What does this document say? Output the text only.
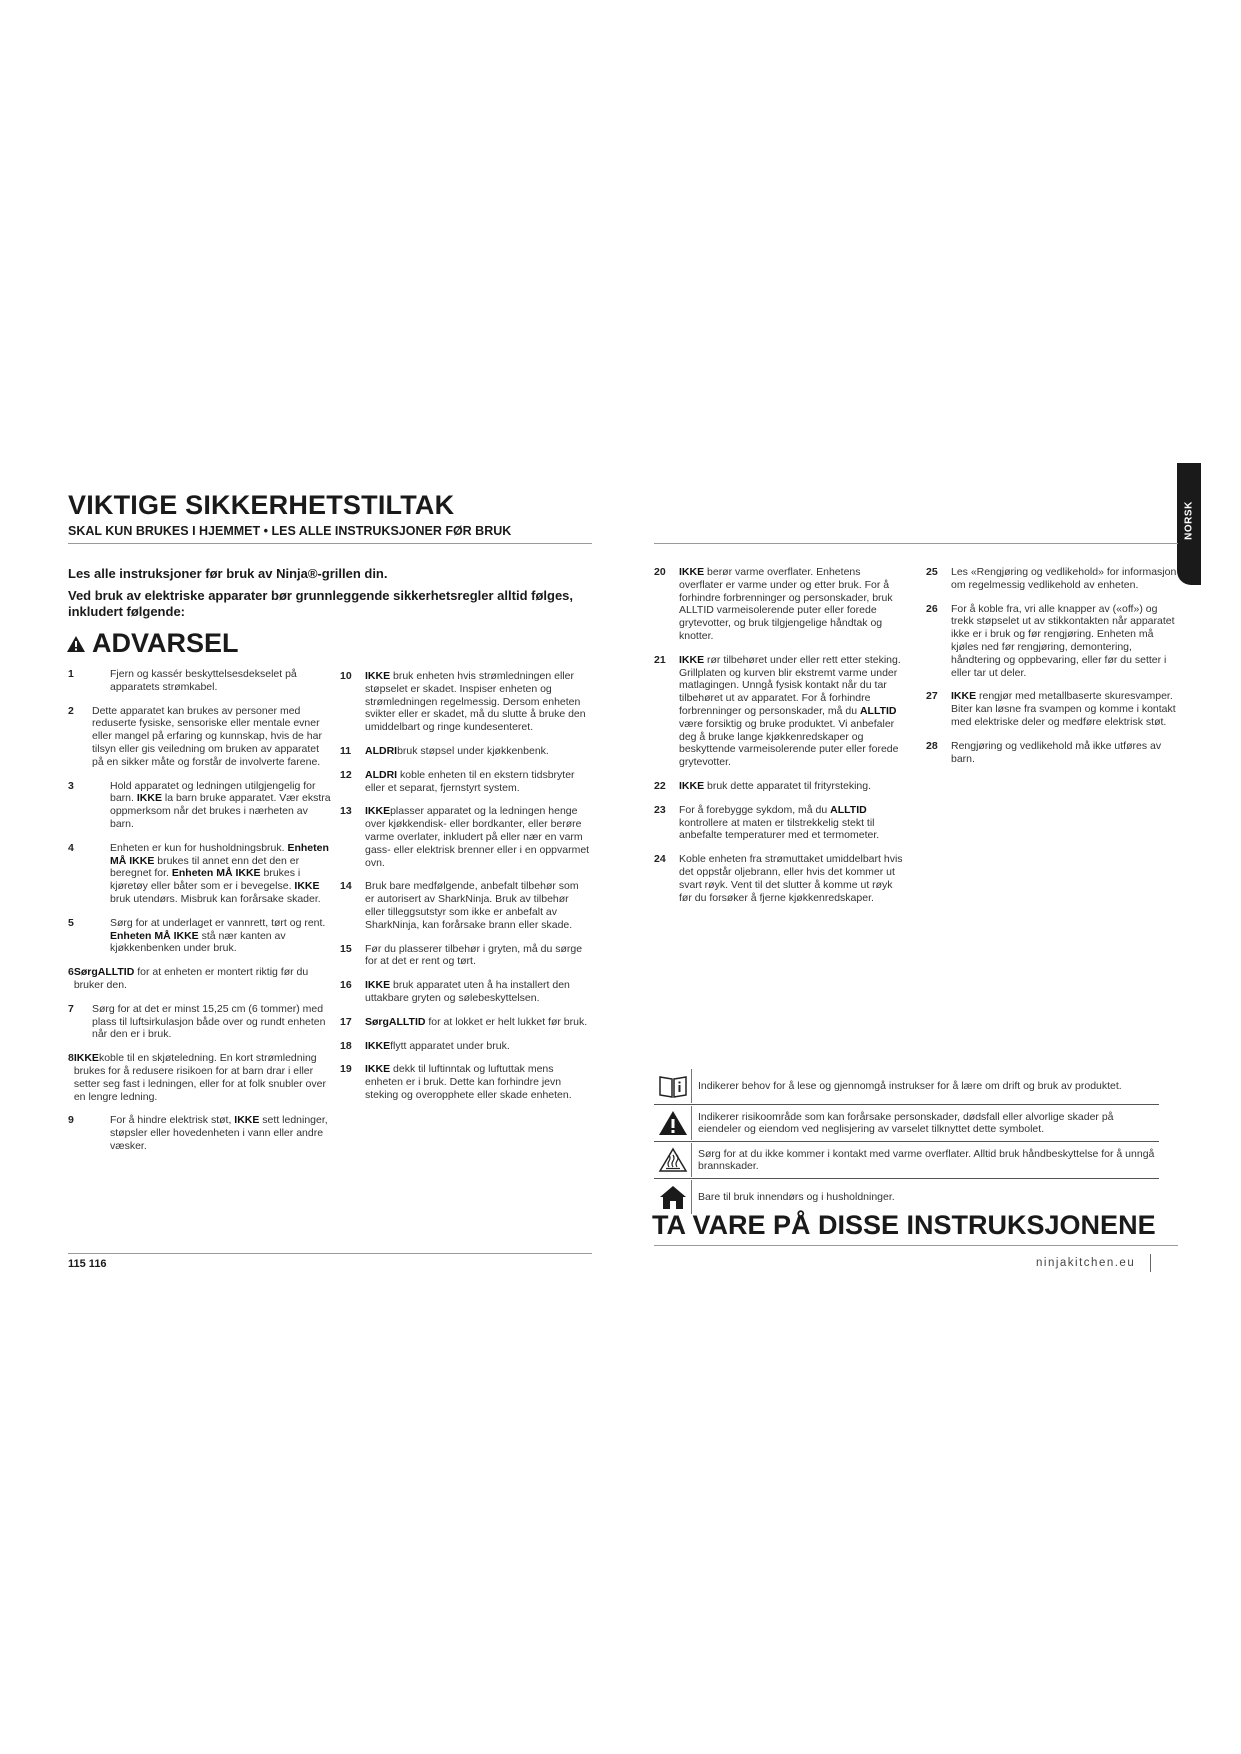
NORSK
VIKTIGE SIKKERHETSTILTAK
SKAL KUN BRUKES I HJEMMET • LES ALLE INSTRUKSJONER FØR BRUK
Les alle instruksjoner før bruk av Ninja®-grillen din.
Ved bruk av elektriske apparater bør grunnleggende sikkerhetsregler alltid følges, inkludert følgende:
ADVARSEL
1	Fjern og kassér beskyttelsesdekselet på apparatets strømkabel.
2	Dette apparatet kan brukes av personer med reduserte fysiske, sensoriske eller mentale evner eller mangel på erfaring og kunnskap, hvis de har tilsyn eller gis veiledning om bruken av apparatet på en sikker måte og forstår de involverte farene.
3	Hold apparatet og ledningen utilgjengelig for barn. IKKE la barn bruke apparatet. Vær ekstra oppmerksom når det brukes i nærheten av barn.
4	Enheten er kun for husholdningsbruk. Enheten MÅ IKKE brukes til annet enn det den er beregnet for. Enheten MÅ IKKE brukes i kjøretøy eller båter som er i bevegelse. IKKE bruk utendørs. Misbruk kan forårsake skader.
5	Sørg for at underlaget er vannrett, tørt og rent. Enheten MÅ IKKE stå nær kanten av kjøkkenbenken under bruk.
6 SørgALLTID for at enheten er montert riktig før du bruker den.
7	Sørg for at det er minst 15,25 cm (6 tommer) med plass til luftsirkulasjon både over og rundt enheten når den er i bruk.
8 IKKEkoble til en skjøteledning. En kort strømledning brukes for å redusere risikoen for at barn drar i eller setter seg fast i ledningen, eller for at folk snubler over en lengre ledning.
9	For å hindre elektrisk støt, IKKE sett ledninger, støpsler eller hovedenheten i vann eller andre væsker.
10	IKKE bruk enheten hvis strømledningen eller støpselet er skadet. Inspiser enheten og strømledningen regelmessig. Dersom enheten svikter eller er skadet, må du slutte å bruke den umiddelbart og ringe kundesenteret.
11	ALDRIbruk støpsel under kjøkkenbenk.
12	ALDRI koble enheten til en ekstern tidsbryter eller et separat, fjernstyrt system.
13	IKKEplasser apparatet og la ledningen henge over kjøkkendisk- eller bordkanter, eller berøre varme overlater, inkludert på eller nær en varm gass- eller elektrisk brenner eller i en oppvarmet ovn.
14	Bruk bare medfølgende, anbefalt tilbehør som er autorisert av SharkNinja. Bruk av tilbehør eller tilleggsutstyr som ikke er anbefalt av SharkNinja, kan forårsake brann eller skade.
15	Før du plasserer tilbehør i gryten, må du sørge for at det er rent og tørt.
16	IKKE bruk apparatet uten å ha installert den uttakbare gryten og sølebeskyttelsen.
17	SørgALLTID for at lokket er helt lukket før bruk.
18	IKKEflytt apparatet under bruk.
19	IKKE dekk til luftinntak og luftuttak mens enheten er i bruk. Dette kan forhindre jevn steking og overopphete eller skade enheten.
20	IKKE berør varme overflater. Enhetens overflater er varme under og etter bruk. For å forhindre forbrenninger og personskader, bruk ALLTID varmeisolerende puter eller forede grytevotter, og bruk tilgjengelige håndtak og knotter.
21	IKKE rør tilbehøret under eller rett etter steking. Grillplaten og kurven blir ekstremt varme under matlagingen. Unngå fysisk kontakt når du tar tilbehøret ut av apparatet. For å forhindre forbrenninger og personskader, må du ALLTID være forsiktig og bruke produktet. Vi anbefaler deg å bruke lange kjøkkenredskaper og beskyttende varmeisolerende puter eller forede grytevotter.
22	IKKE bruk dette apparatet til frityrsteking.
23	For å forebygge sykdom, må du ALLTID kontrollere at maten er tilstrekkelig stekt til anbefalte temperaturer med et termometer.
24	Koble enheten fra strømuttaket umiddelbart hvis det oppstår oljebrann, eller hvis det kommer ut svart røyk. Vent til det slutter å komme ut røyk før du forsøker å fjerne kjøkkenredskaper.
25	Les «Rengjøring og vedlikehold» for informasjon om regelmessig vedlikehold av enheten.
26	For å koble fra, vri alle knapper av («off») og trekk støpselet ut av stikkontakten når apparatet ikke er i bruk og før rengjøring. Enheten må kjøles ned før rengjøring, demontering, håndtering og oppbevaring, eller før du setter i eller tar ut deler.
27	IKKE rengjør med metallbaserte skuresvamper. Biter kan løsne fra svampen og komme i kontakt med elektriske deler og medføre elektrisk støt.
28	Rengjøring og vedlikehold må ikke utføres av barn.
Indikerer behov for å lese og gjennomgå instrukser for å lære om drift og bruk av produktet.
Indikerer risikoområde som kan forårsake personskader, dødsfall eller alvorlige skader på eiendeler og eiendom ved neglisjering av varselet tilknyttet dette symbolet.
Sørg for at du ikke kommer i kontakt med varme overflater. Alltid bruk håndbeskyttelse for å unngå brannskader.
Bare til bruk innendørs og i husholdninger.
TA VARE PÅ DISSE INSTRUKSJONENE
115 116	ninjakitchen.eu
